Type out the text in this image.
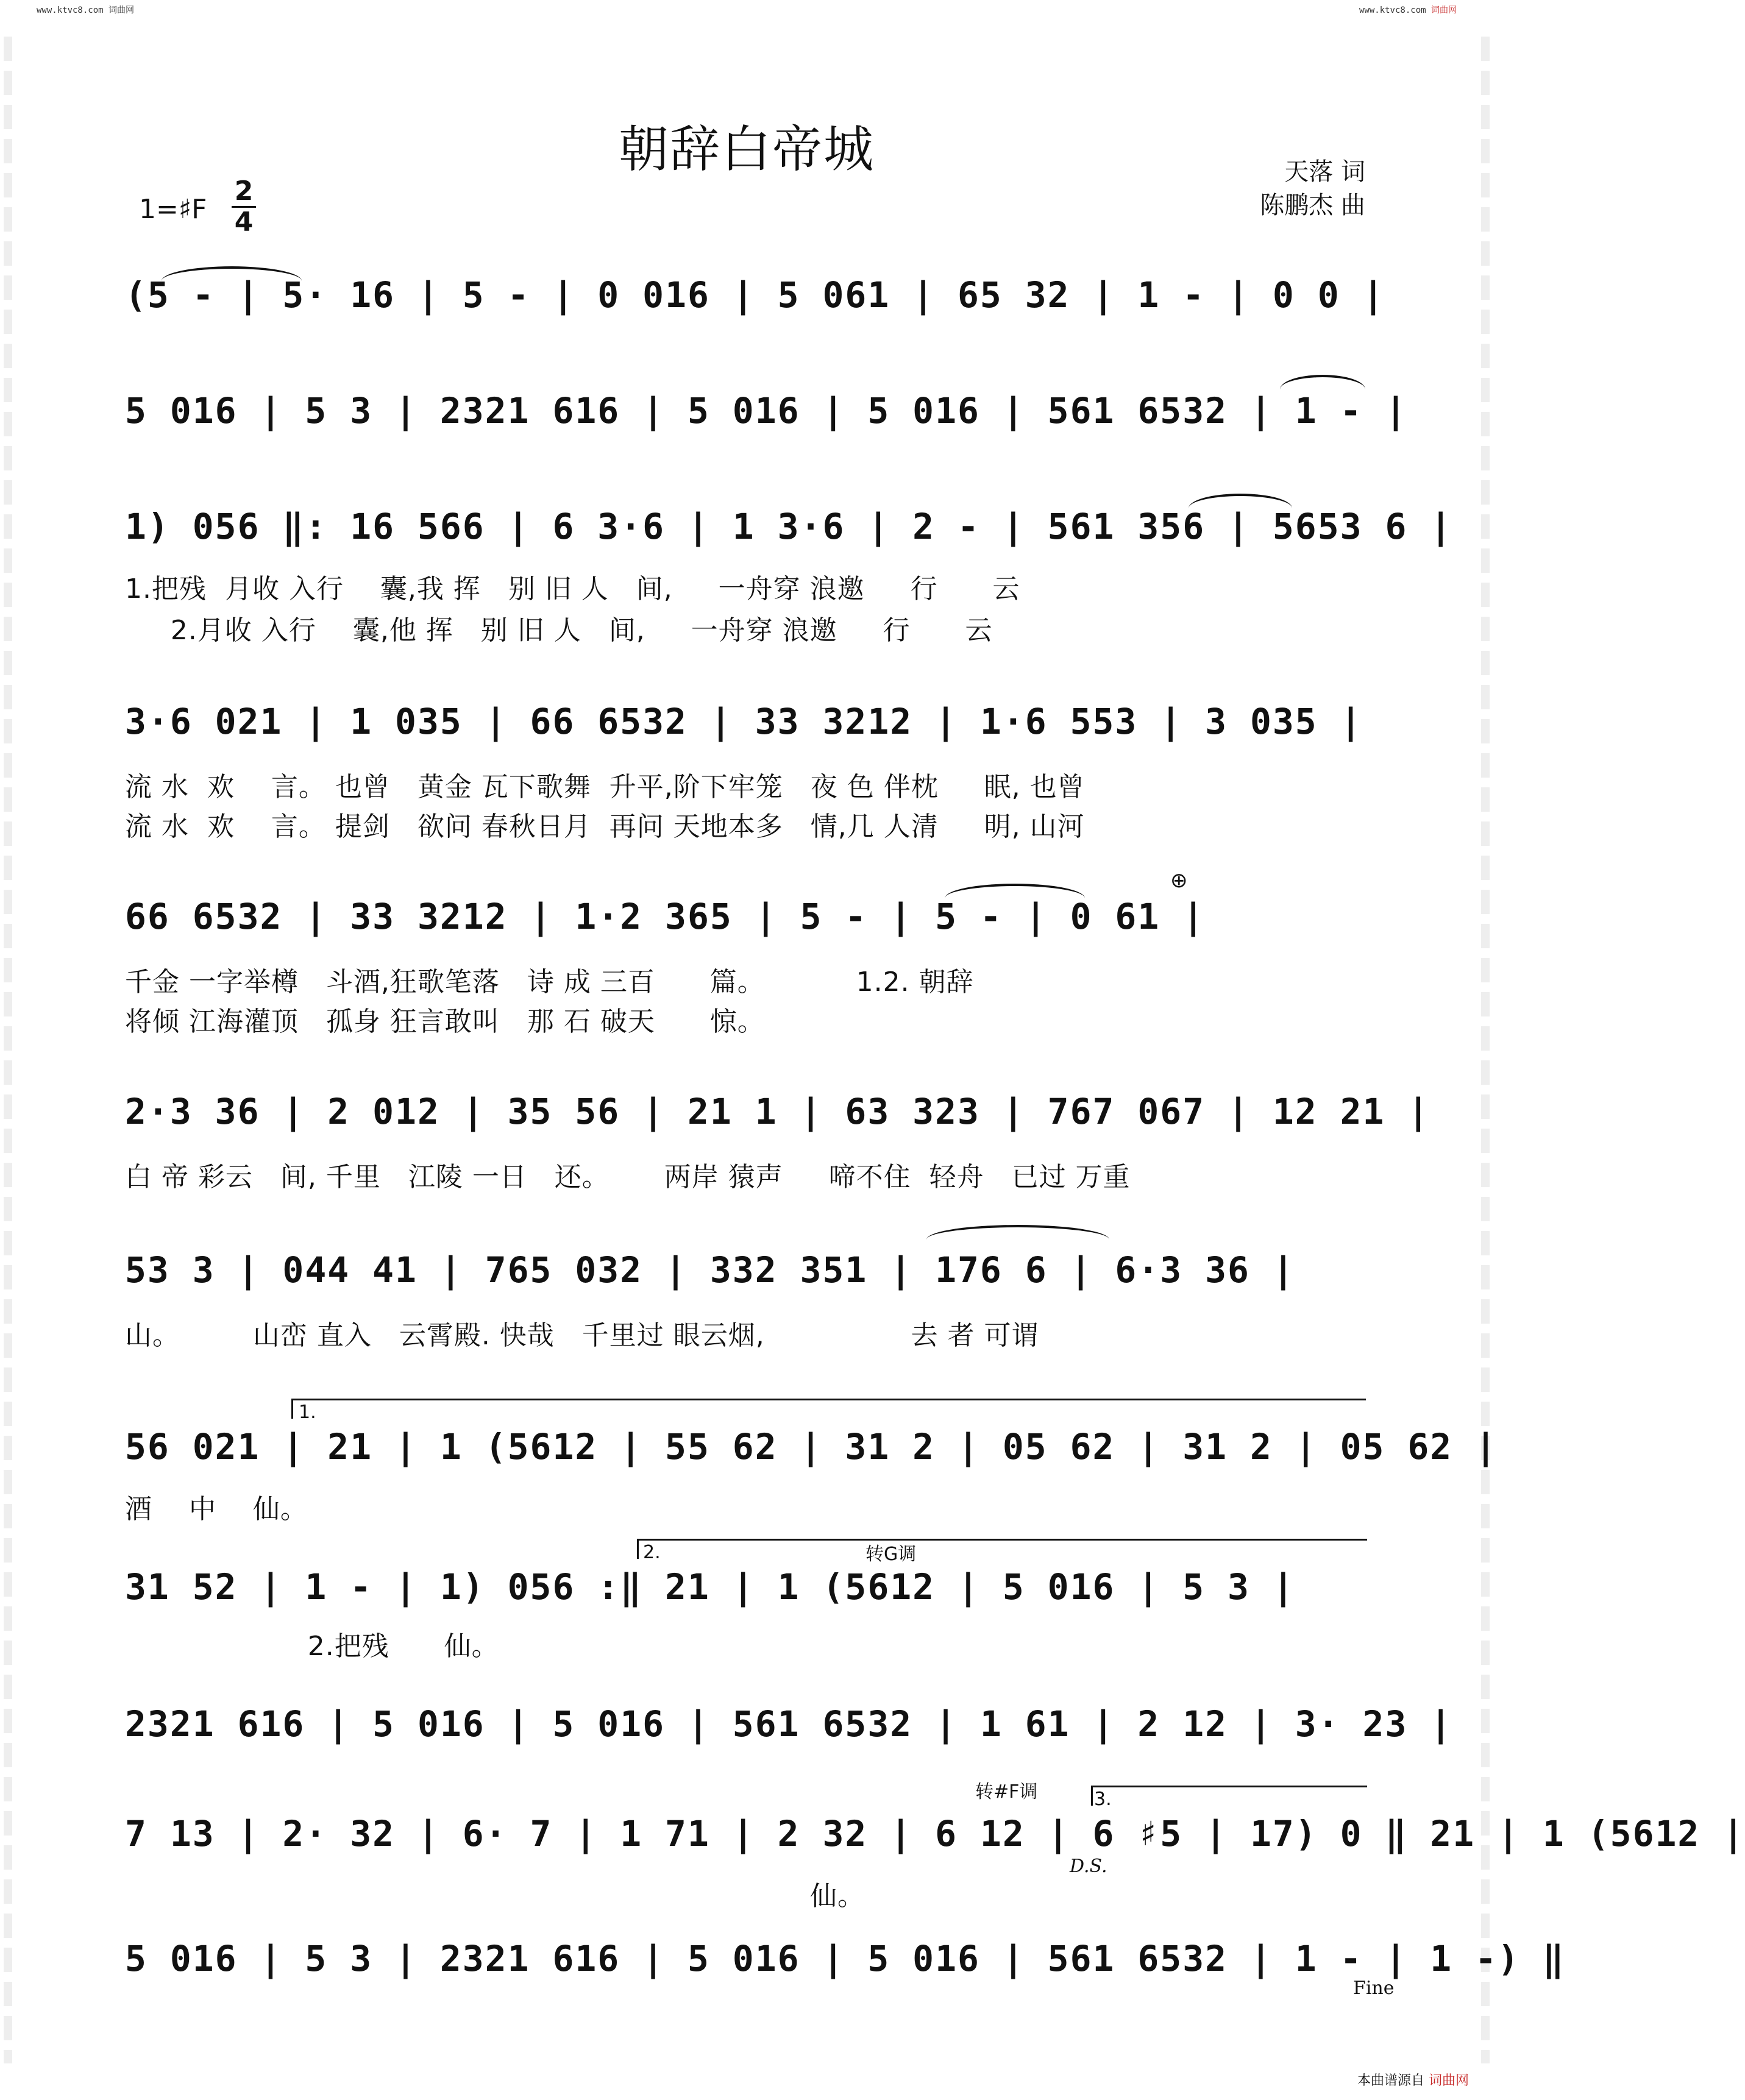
www.ktvc8.com 词曲网	www.ktvc8.com 词曲网
朝辞白帝城	天落 词
陈鹏杰 曲
1=♯F
2
4
(5 - | 5· 16 | 5 - | 0 016 | 5 061 | 65 32 | 1 - | 0 0 |
5 016 | 5 3 | 2321 616 | 5 016 | 5 016 | 561 6532 | 1 - |
1) 056 ‖: 16 566 | 6 3·6 | 1 3·6 | 2 - | 561 356 | 5653 6 |
1.把残  月收 入行    囊,我 挥   别 旧 人   间,     一舟穿 浪邀     行      云
2.月收 入行    囊,他 挥   别 旧 人   间,     一舟穿 浪邀     行      云
3·6 021 | 1 035 | 66 6532 | 33 3212 | 1·6 553 | 3 035 |
流 水  欢    言。 也曾   黄金 瓦下歌舞  升平,阶下牢笼   夜 色 伴枕     眠, 也曾
流 水  欢    言。 提剑   欲问 春秋日月  再问 天地本多   情,几 人清     明, 山河
66 6532 | 33 3212 | 1·2 365 | 5 - | 5 - | 0 61 |
千金 一字举樽   斗酒,狂歌笔落   诗 成 三百      篇。          1.2. 朝辞
将倾 江海灌顶   孤身 狂言敢叫   那 石 破天      惊。
⊕
2·3 36 | 2 012 | 35 56 | 21 1 | 63 323 | 767 067 | 12 21 |
白 帝 彩云   间, 千里   江陵 一日   还。      两岸 猿声     啼不住  轻舟   已过 万重
53 3 | 044 41 | 765 032 | 332 351 | 176 6 | 6·3 36 |
山。        山峦 直入   云霄殿. 快哉   千里过 眼云烟,                去 者 可谓
1.
56 021 | 21 | 1 (5612 | 55 62 | 31 2 | 05 62 | 31 2 | 05 62 |
酒    中    仙。
2.	转G调
31 52 | 1 - | 1) 056 :‖ 21 | 1 (5612 | 5 016 | 5 3 |
2.把残      仙。
2321 616 | 5 016 | 5 016 | 561 6532 | 1 61 | 2 12 | 3· 23 |
转#F调	3.
7 13 | 2· 32 | 6· 7 | 1 71 | 2 32 | 6 12 | 6 ♯5 | 17) 0 ‖ 21 | 1 (5612 |
D.S.
仙。
5 016 | 5 3 | 2321 616 | 5 016 | 5 016 | 561 6532 | 1 - | 1 -) ‖
Fine
本曲谱源自 词曲网
